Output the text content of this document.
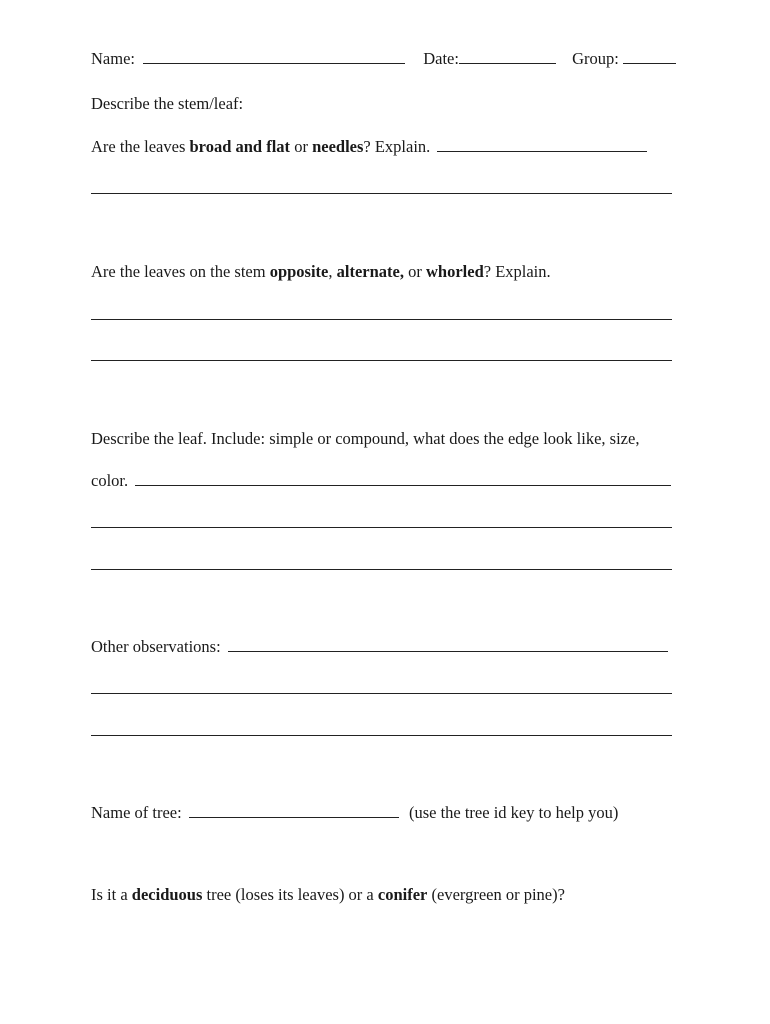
Name:	Date:	Group:
Describe the stem/leaf:
Are the leaves broad and flat or needles? Explain.
Are the leaves on the stem opposite, alternate, or whorled? Explain.
Describe the leaf. Include: simple or compound, what does the edge look like, size,
color.
Other observations:
Name of tree:	(use the tree id key to help you)
Is it a deciduous tree (loses its leaves) or a conifer (evergreen or pine)?
